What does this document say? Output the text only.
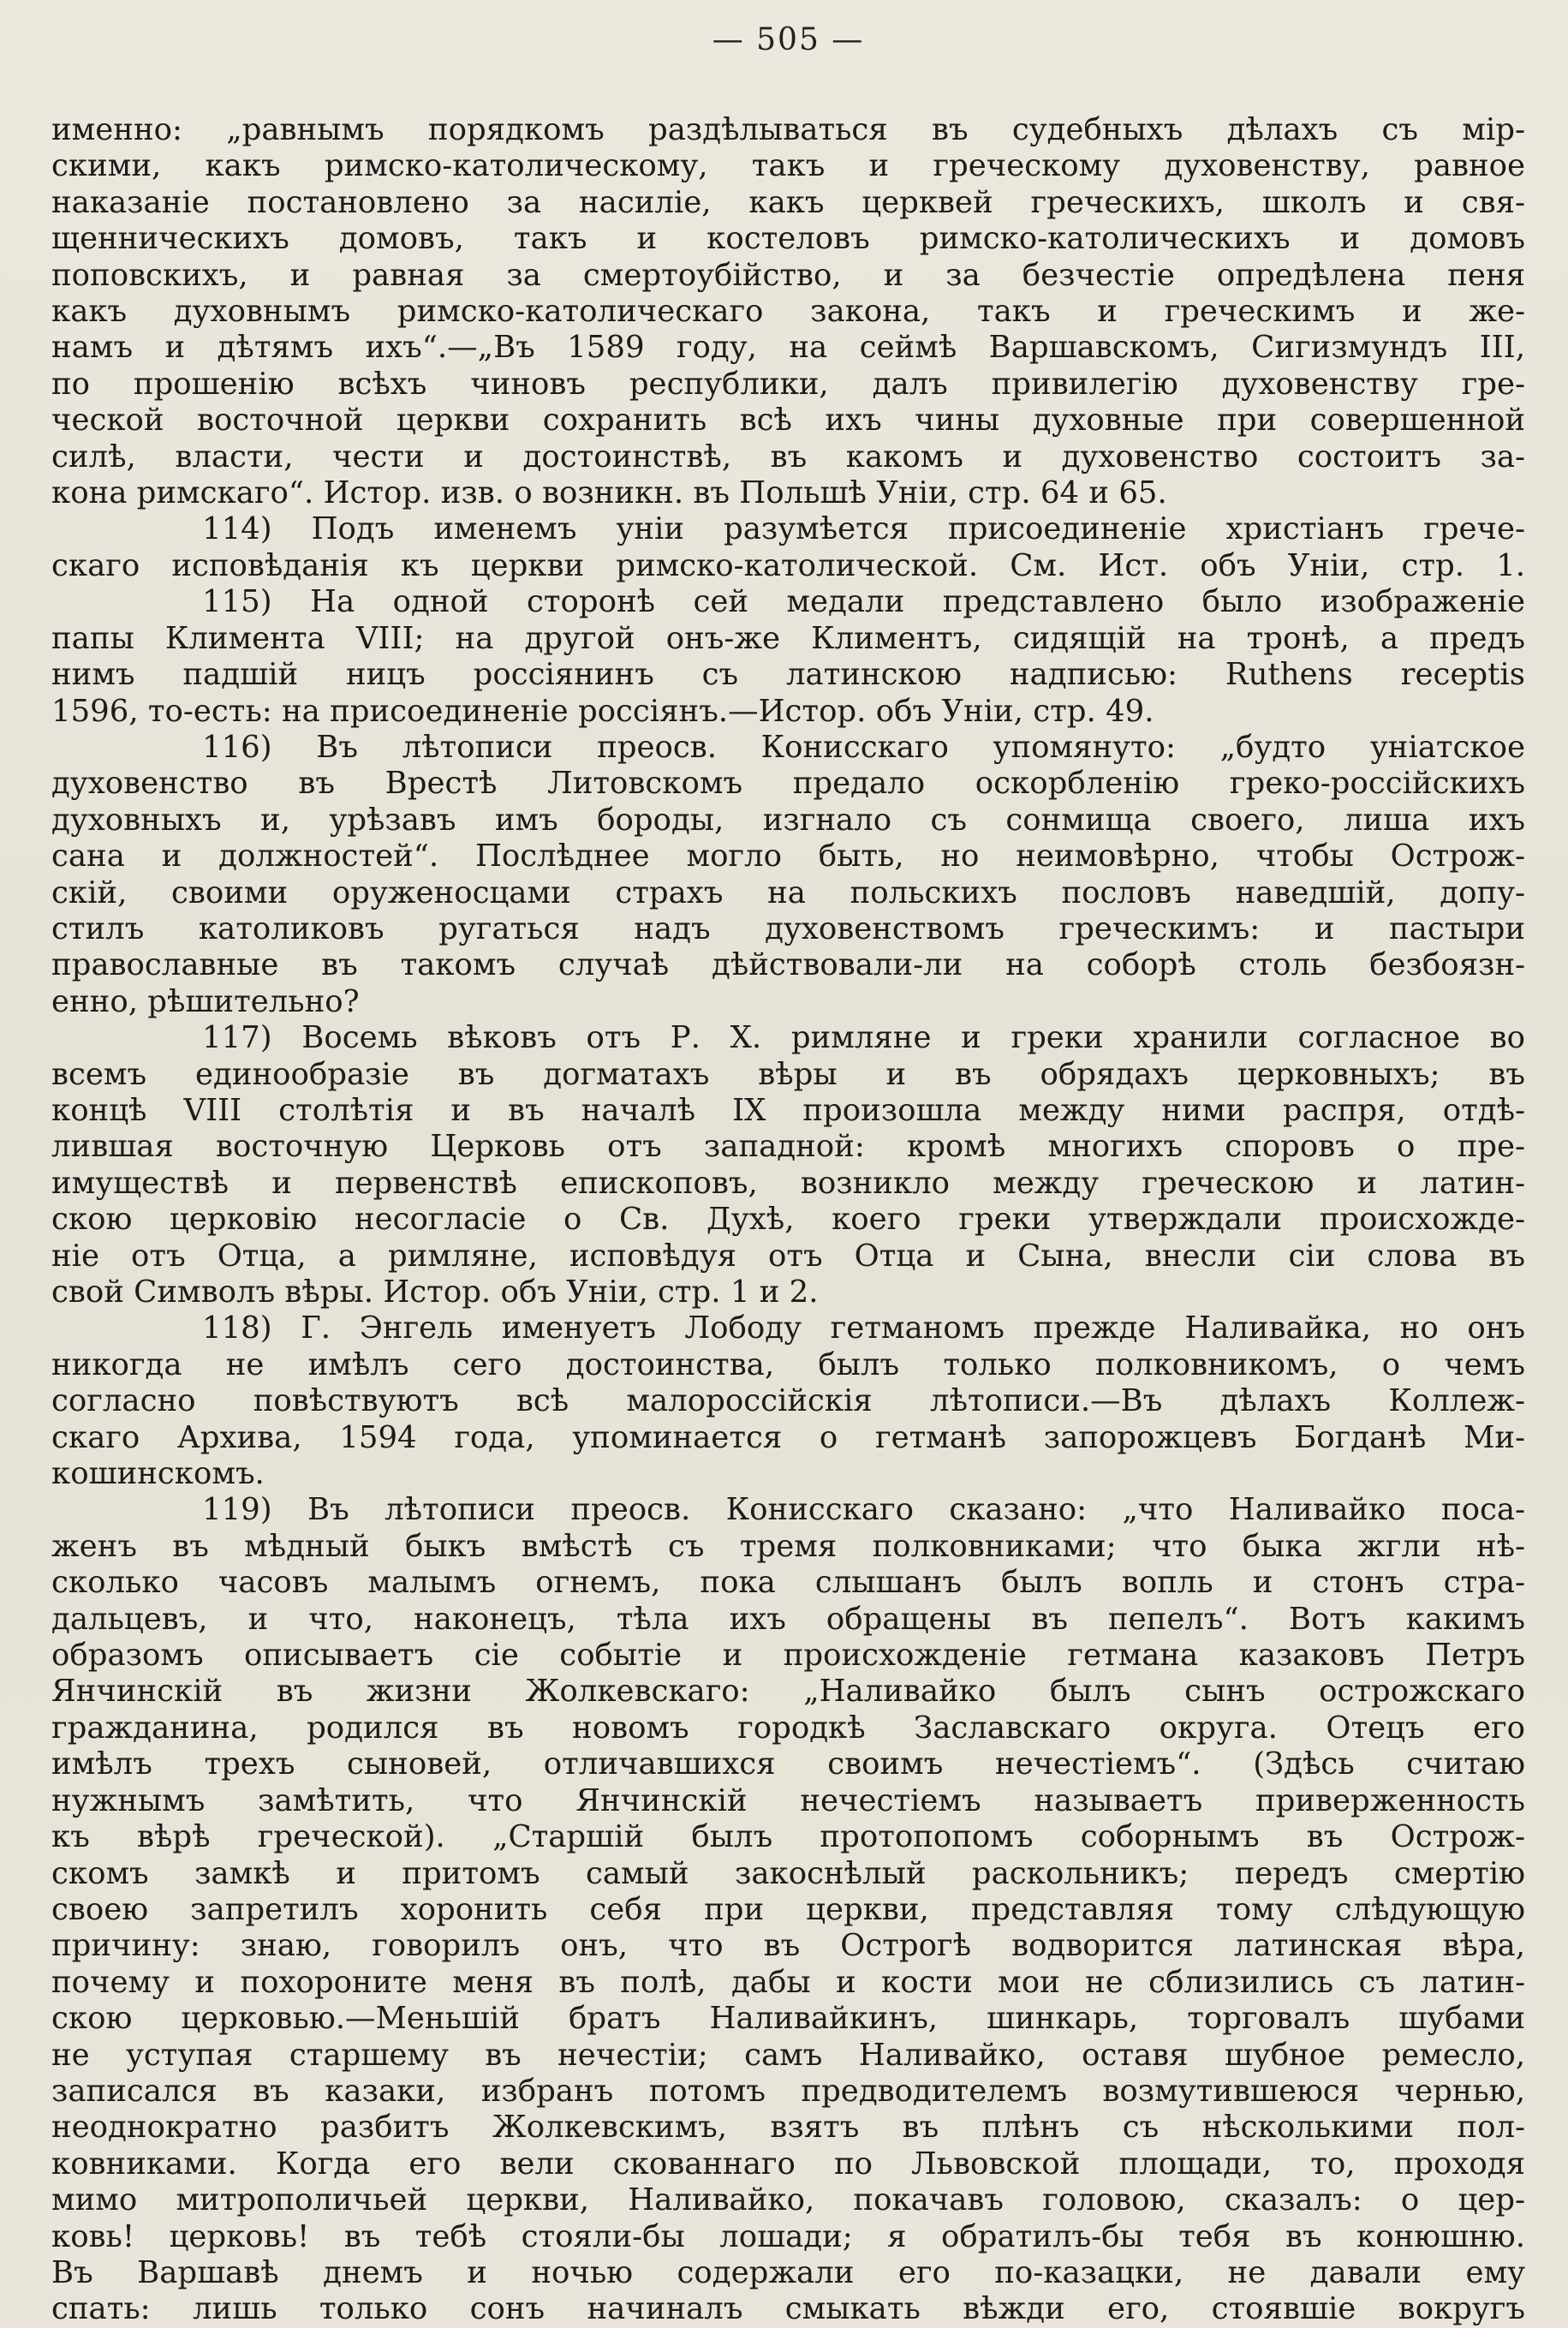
— 505 —
именно: „равнымъ порядкомъ раздѣлываться въ судебныхъ дѣлахъ съ мір-
скими, какъ римско-католическому, такъ и греческому духовенству, равное
наказаніе постановлено за насиліе, какъ церквей греческихъ, школъ и свя-
щенническихъ домовъ, такъ и костеловъ римско-католическихъ и домовъ
поповскихъ, и равная за смертоубійство, и за безчестіе опредѣлена пеня
какъ духовнымъ римско-католическаго закона, такъ и греческимъ и же-
намъ и дѣтямъ ихъ“.—„Въ 1589 году, на сеймѣ Варшавскомъ, Сигизмундъ III,
по прошенію всѣхъ чиновъ республики, далъ привилегію духовенству гре-
ческой восточной церкви сохранить всѣ ихъ чины духовные при совершенной
силѣ, власти, чести и достоинствѣ, въ какомъ и духовенство состоитъ за-
кона римскаго“. Истор. изв. о возникн. въ Польшѣ Уніи, стр. 64 и 65.
114) Подъ именемъ уніи разумѣется присоединеніе христіанъ грече-
скаго исповѣданія къ церкви римско-католической. См. Ист. объ Уніи, стр. 1.
115) На одной сторонѣ сей медали представлено было изображеніе
папы Климента VIII; на другой онъ-же Климентъ, сидящій на тронѣ, а предъ
нимъ падшій ницъ россіянинъ съ латинскою надписью: Ruthens receptis
1596, то-есть: на присоединеніе россіянъ.—Истор. объ Уніи, стр. 49.
116) Въ лѣтописи преосв. Конисскаго упомянуто: „будто уніатское
духовенство въ Врестѣ Литовскомъ предало оскорбленію греко-россійскихъ
духовныхъ и, урѣзавъ имъ бороды, изгнало съ сонмища своего, лиша ихъ
сана и должностей“. Послѣднее могло быть, но неимовѣрно, чтобы Острож-
скій, своими оруженосцами страхъ на польскихъ пословъ наведшій, допу-
стилъ католиковъ ругаться надъ духовенствомъ греческимъ: и пастыри
православные въ такомъ случаѣ дѣйствовали-ли на соборѣ столь безбоязн-
енно, рѣшительно?
117) Восемь вѣковъ отъ Р. Х. римляне и греки хранили согласное во
всемъ единообразіе въ догматахъ вѣры и въ обрядахъ церковныхъ; въ
концѣ VIII столѣтія и въ началѣ IX произошла между ними распря, отдѣ-
лившая восточную Церковь отъ западной: кромѣ многихъ споровъ о пре-
имуществѣ и первенствѣ епископовъ, возникло между греческою и латин-
скою церковію несогласіе о Св. Духѣ, коего греки утверждали происхожде-
ніе отъ Отца, а римляне, исповѣдуя отъ Отца и Сына, внесли сіи слова въ
свой Символъ вѣры. Истор. объ Уніи, стр. 1 и 2.
118) Г. Энгель именуетъ Лободу гетманомъ прежде Наливайка, но онъ
никогда не имѣлъ сего достоинства, былъ только полковникомъ, о чемъ
согласно повѣствуютъ всѣ малороссійскія лѣтописи.—Въ дѣлахъ Коллеж-
скаго Архива, 1594 года, упоминается о гетманѣ запорожцевъ Богданѣ Ми-
кошинскомъ.
119) Въ лѣтописи преосв. Конисскаго сказано: „что Наливайко поса-
женъ въ мѣдный быкъ вмѣстѣ съ тремя полковниками; что быка жгли нѣ-
сколько часовъ малымъ огнемъ, пока слышанъ былъ вопль и стонъ стра-
дальцевъ, и что, наконецъ, тѣла ихъ обращены въ пепелъ“. Вотъ какимъ
образомъ описываетъ сіе событіе и происхожденіе гетмана казаковъ Петръ
Янчинскій въ жизни Жолкевскаго: „Наливайко былъ сынъ острожскаго
гражданина, родился въ новомъ городкѣ Заславскаго округа. Отецъ его
имѣлъ трехъ сыновей, отличавшихся своимъ нечестіемъ“. (Здѣсь считаю
нужнымъ замѣтить, что Янчинскій нечестіемъ называетъ приверженность
къ вѣрѣ греческой). „Старшій былъ протопопомъ соборнымъ въ Острож-
скомъ замкѣ и притомъ самый закоснѣлый раскольникъ; передъ смертію
своею запретилъ хоронить себя при церкви, представляя тому слѣдующую
причину: знаю, говорилъ онъ, что въ Острогѣ водворится латинская вѣра,
почему и похороните меня въ полѣ, дабы и кости мои не сблизились съ латин-
скою церковью.—Меньшій братъ Наливайкинъ, шинкарь, торговалъ шубами
не уступая старшему въ нечестіи; самъ Наливайко, оставя шубное ремесло,
записался въ казаки, избранъ потомъ предводителемъ возмутившеюся чернью,
неоднократно разбитъ Жолкевскимъ, взятъ въ плѣнъ съ нѣсколькими пол-
ковниками. Когда его вели скованнаго по Львовской площади, то, проходя
мимо митрополичьей церкви, Наливайко, покачавъ головою, сказалъ: о цер-
ковь! церковь! въ тебѣ стояли-бы лошади; я обратилъ-бы тебя въ конюшню.
Въ Варшавѣ днемъ и ночью содержали его по-казацки, не давали ему
спать: лишь только сонъ начиналъ смыкать вѣжди его, стоявшіе вокругъ
